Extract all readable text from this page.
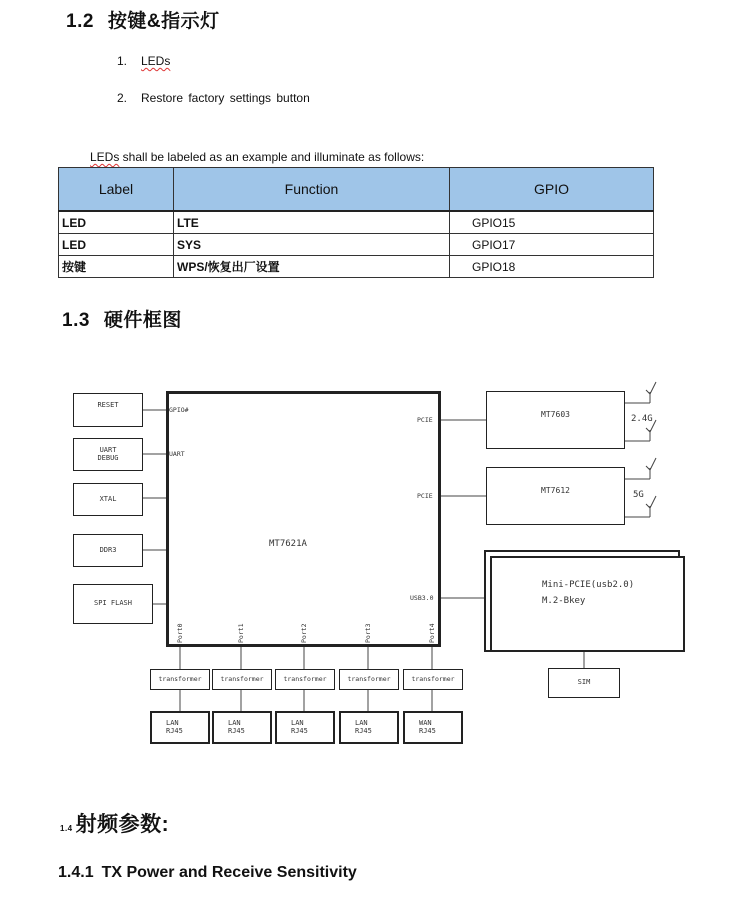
1.2 按键&指示灯
1. LEDs
2. Restore factory settings button
LEDs shall be labeled as an example and illuminate as follows:
Label	Function	GPIO
LED	LTE	GPIO15
LED	SYS	GPIO17
按键	WPS/恢复出厂设置	GPIO18
1.3 硬件框图
RESET
UART
DEBUG
XTAL
DDR3
SPI FLASH
MT7621A
GPIO#
UART
PCIE
PCIE
USB3.0
Port0	Port1	Port2	Port3	Port4
transformer	transformer	transformer	transformer	transformer
LAN
RJ45
LAN
RJ45
LAN
RJ45
LAN
RJ45
WAN
RJ45
MT7603	2.4G
MT7612	5G
Mini-PCIE(usb2.0)
M.2-Bkey
SIM
1.4 射频参数:
1.4.1 TX Power and Receive Sensitivity
